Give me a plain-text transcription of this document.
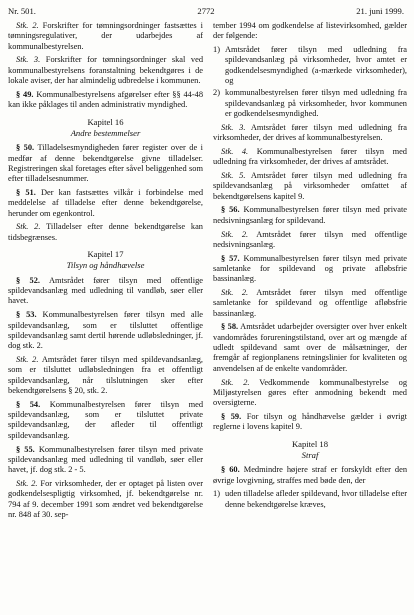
Nr. 501.	2772	21. juni 1999.

Stk. 2. Forskrifter for tømningsordninger fastsættes i tømningsregulativer, der udarbejdes af kommunalbestyrelsen.

Stk. 3. Forskrifter for tømningsordninger skal ved kommunalbestyrelsens foranstaltning bekendtgøres i de lokale aviser, der har almindelig udbredelse i kommunen.

§ 49. Kommunalbestyrelsens afgørelser efter §§ 44-48 kan ikke påklages til anden administrativ myndighed.

Kapitel 16
Andre bestemmelser

§ 50. Tilladelsesmyndigheden fører register over de i medfør af denne bekendtgørelse givne tilladelser. Registreringen skal foretages efter såvel beliggenhed som efter tilladelsesnummer.

§ 51. Der kan fastsættes vilkår i forbindelse med meddelelse af tilladelse efter denne bekendtgørelse, herunder om egenkontrol.

Stk. 2. Tilladelser efter denne bekendtgørelse kan tidsbegrænses.

Kapitel 17
Tilsyn og håndhævelse

§ 52. Amtsrådet fører tilsyn med offentlige spildevandsanlæg med udledning til vandløb, søer eller havet.

§ 53. Kommunalbestyrelsen fører tilsyn med alle spildevandsanlæg, som er tilsluttet offentlige spildevandsanlæg samt dertil hørende udløbsledninger, jf. dog stk. 2.

Stk. 2. Amtsrådet fører tilsyn med spildevandsanlæg, som er tilsluttet udløbsledningen fra et offentligt spildevandsanlæg, når tilslutningen sker efter bekendtgørelsens § 20, stk. 2.

§ 54. Kommunalbestyrelsen fører tilsyn med spildevandsanlæg, som er tilsluttet private spildevandsanlæg, der afleder til offentligt spildevandsanlæg.

§ 55. Kommunalbestyrelsen fører tilsyn med private spildevandsanlæg med udledning til vandløb, søer eller havet, jf. dog stk. 2 - 5.

Stk. 2. For virksomheder, der er optaget på listen over godkendelsespligtig virksomhed, jf. bekendtgørelse nr. 794 af 9. december 1991 som ændret ved bekendtgørelse nr. 848 af 30. sep-

tember 1994 om godkendelse af listevirksomhed, gælder der følgende:

1) Amtsrådet fører tilsyn med udledning fra spildevandsanlæg på virksomheder, hvor amtet er godkendelsesmyndighed (a-mærkede virksomheder), og
2) kommunalbestyrelsen fører tilsyn med udledning fra spildevandsanlæg på virksomheder, hvor kommunen er godkendelsesmyndighed.

Stk. 3. Amtsrådet fører tilsyn med udledning fra virksomheder, der drives af kommunalbestyrelsen.

Stk. 4. Kommunalbestyrelsen fører tilsyn med udledning fra virksomheder, der drives af amtsrådet.

Stk. 5. Amtsrådet fører tilsyn med udledning fra spildevandsanlæg på virksomheder omfattet af bekendtgørelsens kapitel 9.

§ 56. Kommunalbestyrelsen fører tilsyn med private nedsivningsanlæg for spildevand.

Stk. 2. Amtsrådet fører tilsyn med offentlige nedsivningsanlæg.

§ 57. Kommunalbestyrelsen fører tilsyn med private samletanke for spildevand og private afløbsfrie bassinanlæg.

Stk. 2. Amtsrådet fører tilsyn med offentlige samletanke for spildevand og offentlige afløbsfrie bassinanlæg.

§ 58. Amtsrådet udarbejder oversigter over hver enkelt vandområdes forureningstilstand, over art og mængde af udledt spildevand samt over de målsætninger, der fremgår af regionplanens retningslinier for kvaliteten og anvendelsen af de enkelte vandområder.

Stk. 2. Vedkommende kommunalbestyrelse og Miljøstyrelsen gøres efter anmodning bekendt med oversigterne.

§ 59. For tilsyn og håndhævelse gælder i øvrigt reglerne i lovens kapitel 9.

Kapitel 18
Straf

§ 60. Medmindre højere straf er forskyldt efter den øvrige lovgivning, straffes med bøde den, der

1) uden tilladelse afleder spildevand, hvor tilladelse efter denne bekendtgørelse kræves,
